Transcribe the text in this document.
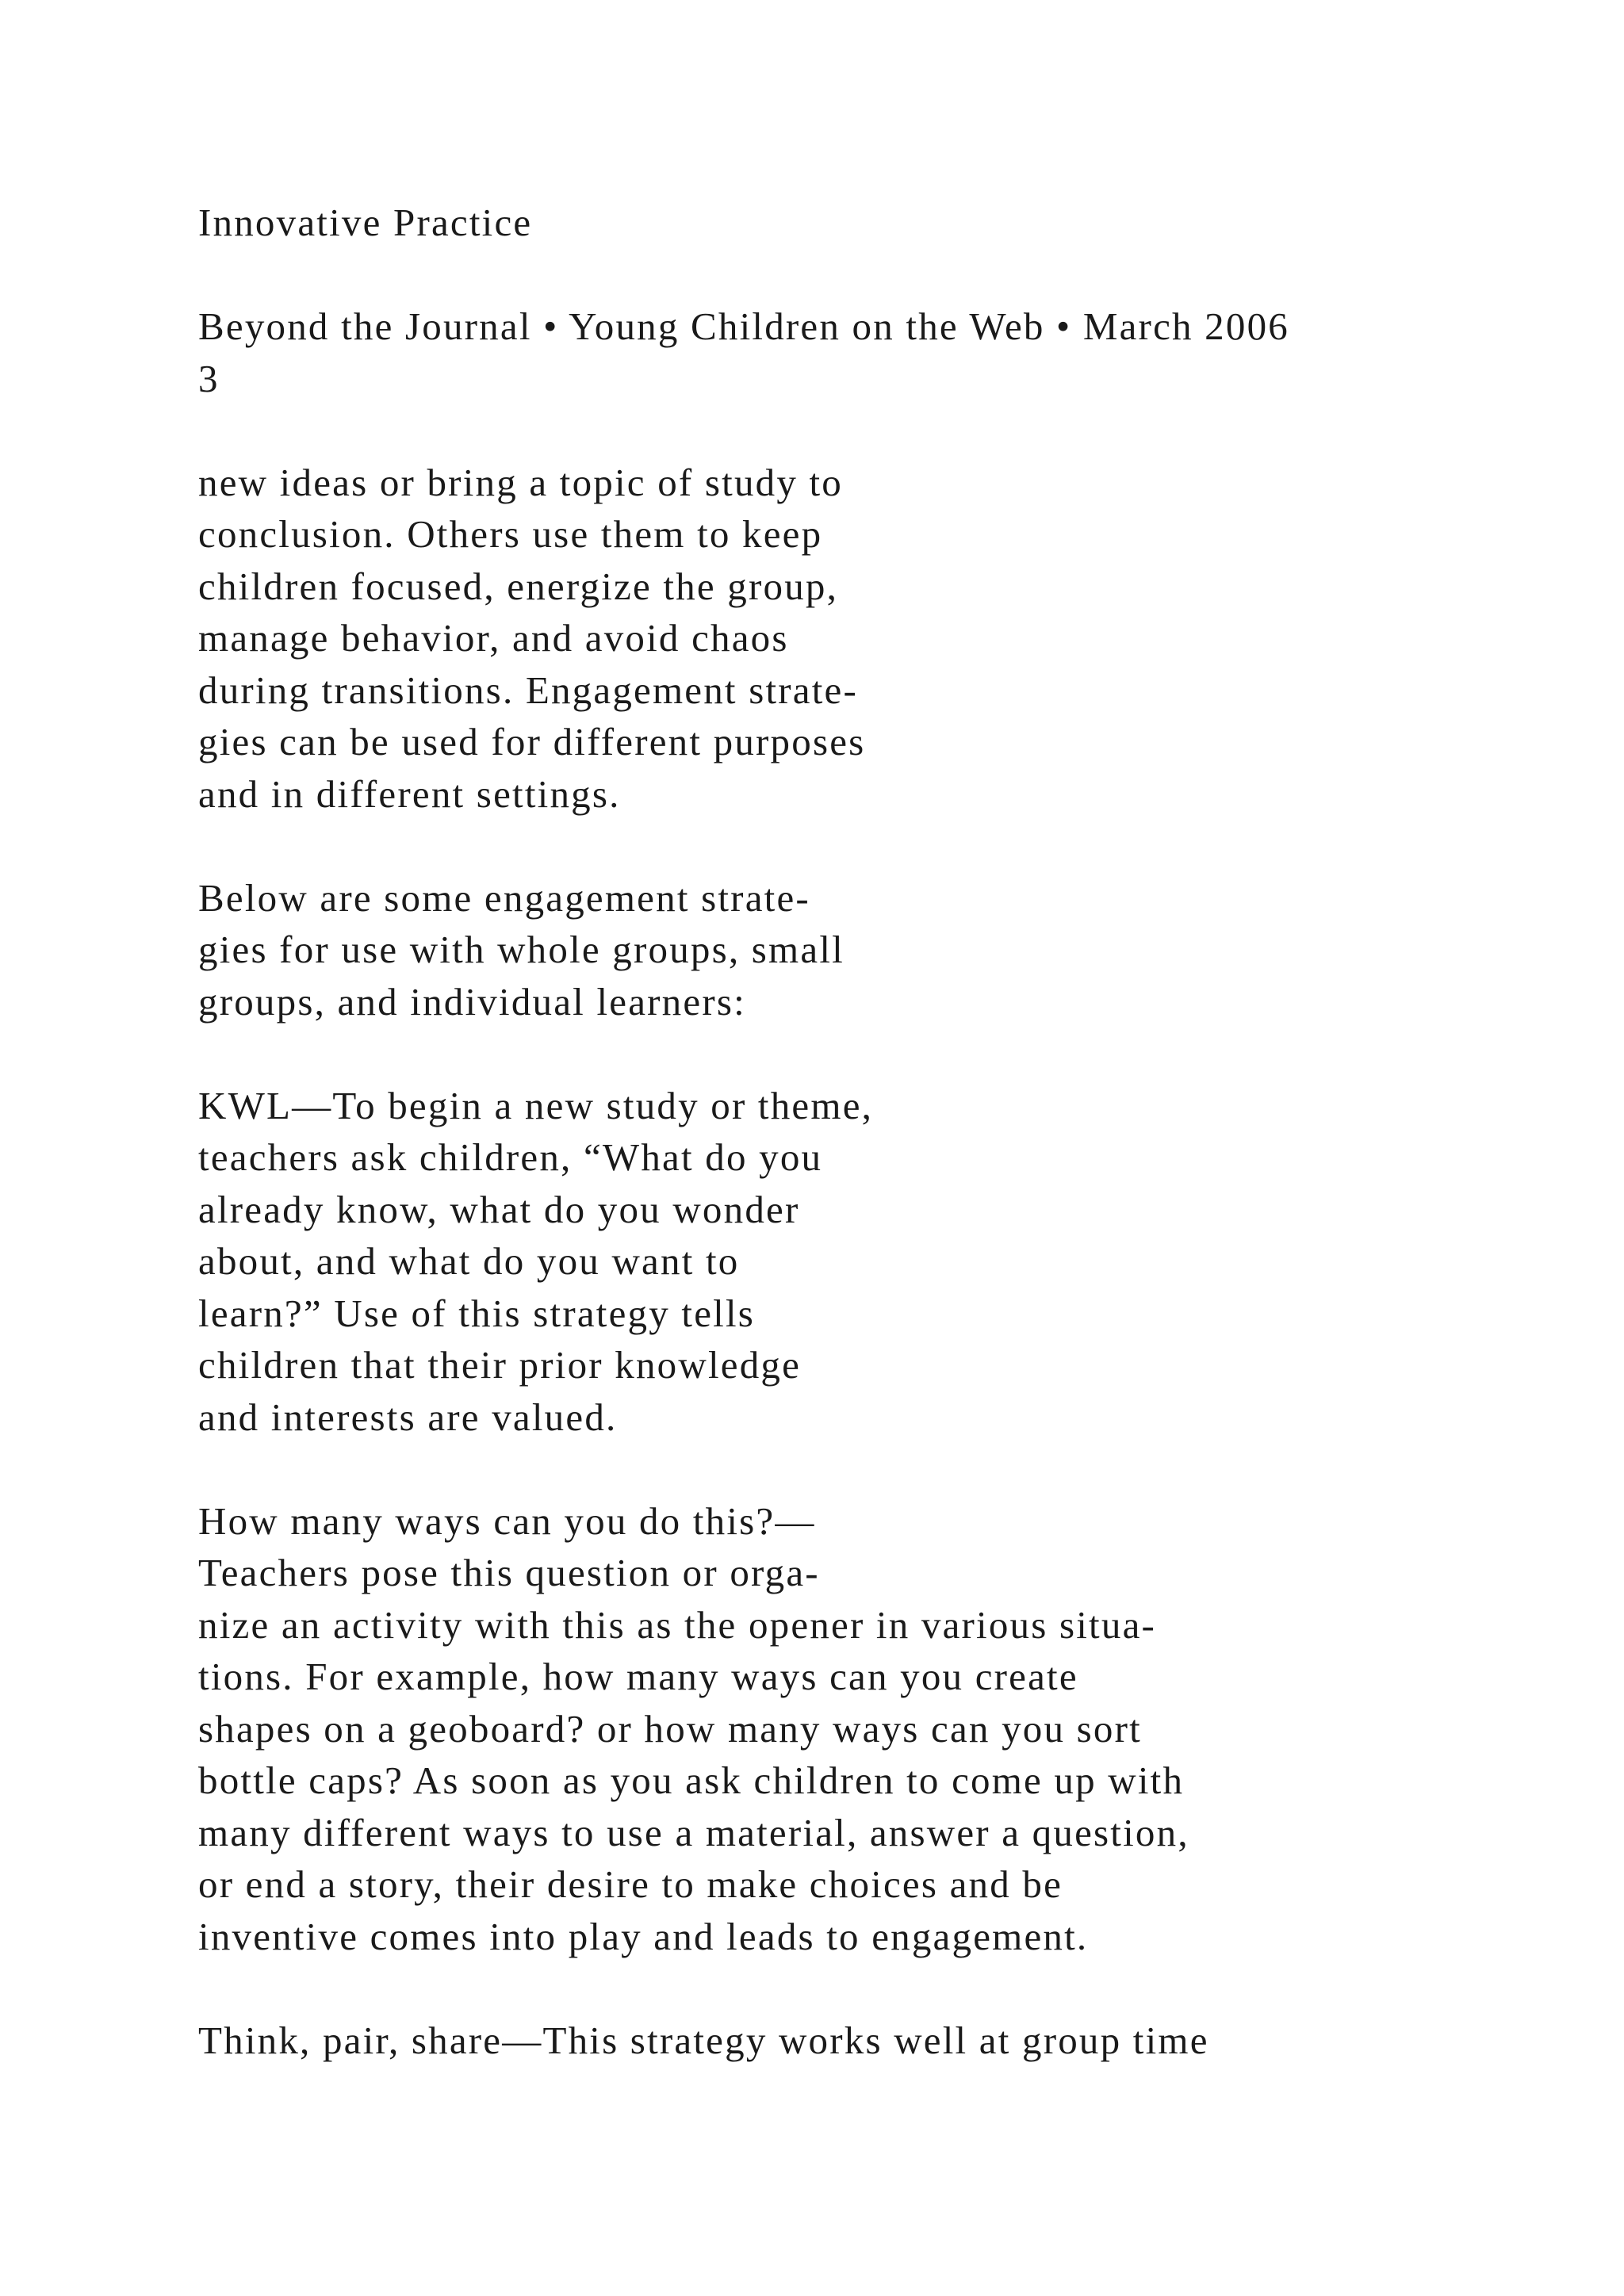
Innovative Practice
Beyond the Journal • Young Children on the Web • March 2006
3
new ideas or bring a topic of study to
conclusion. Others use them to keep
children focused, energize the group,
manage behavior, and avoid chaos
during transitions. Engagement strate-
gies can be used for different purposes
and in different settings.
Below are some engagement strate-
gies for use with whole groups, small
groups, and individual learners:
KWL—To begin a new study or theme,
teachers ask children, “What do you
already know, what do you wonder
about, and what do you want to
learn?” Use of this strategy tells
children that their prior knowledge
and interests are valued.
How many ways can you do this?—
Teachers pose this question or orga-
nize an activity with this as the opener in various situa-
tions. For example, how many ways can you create
shapes on a geoboard? or how many ways can you sort
bottle caps? As soon as you ask children to come up with
many different ways to use a material, answer a question,
or end a story, their desire to make choices and be
inventive comes into play and leads to engagement.
Think, pair, share—This strategy works well at group time
